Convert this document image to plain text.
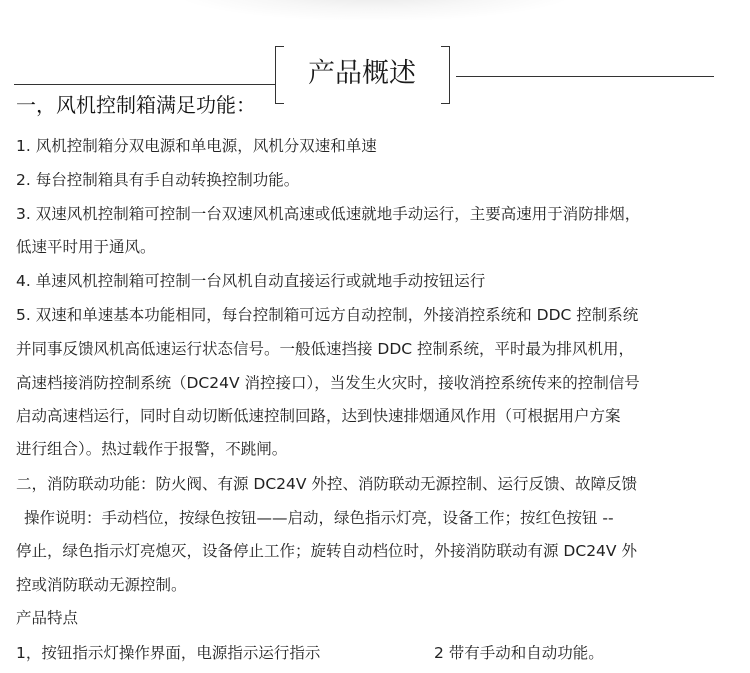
产品概述
一，风机控制箱满足功能：
1. 风机控制箱分双电源和单电源，风机分双速和单速
2. 每台控制箱具有手自动转换控制功能。
3. 双速风机控制箱可控制一台双速风机高速或低速就地手动运行，主要高速用于消防排烟，
低速平时用于通风。
4. 单速风机控制箱可控制一台风机自动直接运行或就地手动按钮运行
5. 双速和单速基本功能相同，每台控制箱可远方自动控制，外接消控系统和 DDC 控制系统
并同事反馈风机高低速运行状态信号。一般低速挡接 DDC 控制系统，平时最为排风机用，
高速档接消防控制系统（DC24V 消控接口），当发生火灾时，接收消控系统传来的控制信号
启动高速档运行，同时自动切断低速控制回路，达到快速排烟通风作用（可根据用户方案
进行组合）。热过载作于报警，不跳闸。
二，消防联动功能：防火阀、有源 DC24V 外控、消防联动无源控制、运行反馈、故障反馈
操作说明：手动档位，按绿色按钮——启动，绿色指示灯亮，设备工作；按红色按钮 --
停止，绿色指示灯亮熄灭，设备停止工作；旋转自动档位时，外接消防联动有源 DC24V 外
控或消防联动无源控制。
产品特点
1，按钮指示灯操作界面，电源指示运行指示	2 带有手动和自动功能。
